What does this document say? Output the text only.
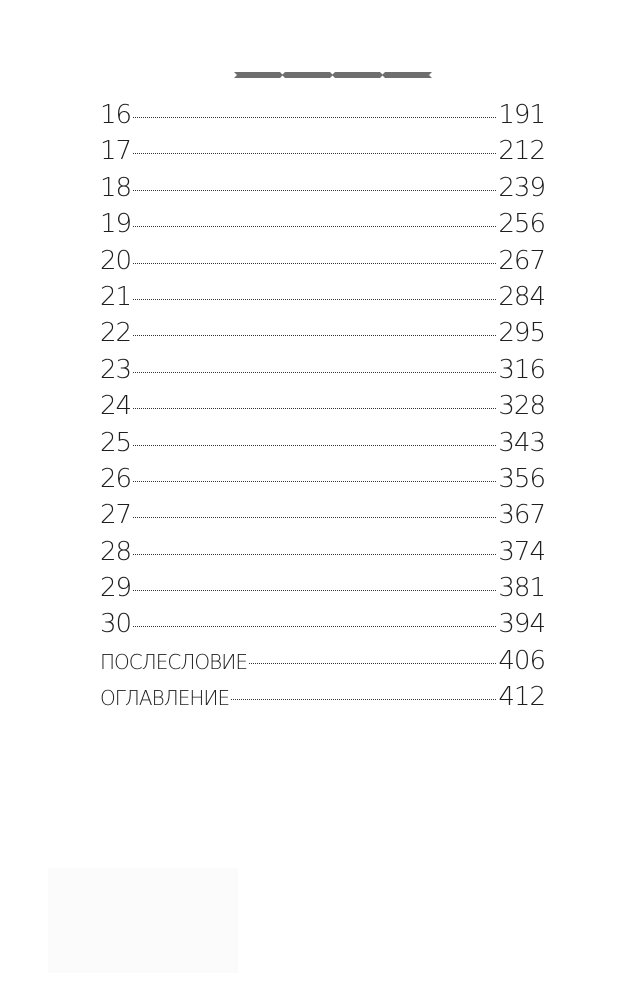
16	191
17	212
18	239
19	256
20	267
21	284
22	295
23	316
24	328
25	343
26	356
27	367
28	374
29	381
30	394
ПОСЛЕСЛОВИЕ	406
ОГЛАВЛЕНИЕ	412
